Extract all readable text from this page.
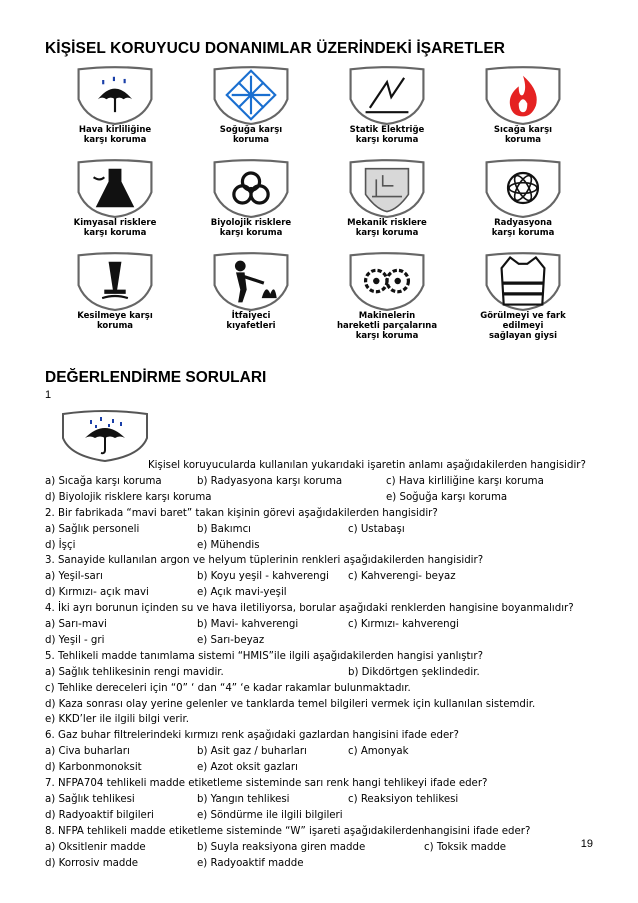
KİŞİSEL KORUYUCU DONANIMLAR ÜZERİNDEKİ İŞARETLER
Hava kirliliğine
karşı koruma
Soğuğa karşı
koruma
Statik Elektriğe
karşı koruma
Sıcağa karşı
koruma
Kimyasal risklere
karşı koruma
Biyolojik risklere
karşı koruma
Mekanik risklere
karşı koruma
Radyasyona
karşı koruma
Kesilmeye karşı
koruma
İtfaiyeci
kıyafetleri
Makinelerin
hareketli parçalarına
karşı koruma
Görülmeyi ve fark
edilmeyi
sağlayan giysi
DEĞERLENDİRME SORULARI
1
Kişisel koruyucularda kullanılan yukarıdaki işaretin anlamı aşağıdakilerden hangisidir?
a) Sıcağa karşı koruma	b) Radyasyona karşı koruma	c) Hava kirliliğine karşı koruma
d) Biyolojik risklere karşı koruma	e) Soğuğa karşı koruma
2. Bir fabrikada “mavi baret” takan kişinin görevi aşağıdakilerden hangisidir?
a) Sağlık personeli	b) Bakımcı	c) Ustabaşı
d) İşçi	e) Mühendis
3. Sanayide kullanılan argon ve helyum tüplerinin renkleri aşağıdakilerden hangisidir?
a) Yeşil-sarı	b) Koyu yeşil - kahverengi c) Kahverengi- beyaz
d) Kırmızı- açık mavi	e) Açık mavi-yeşil
4. İki ayrı borunun içinden su ve hava iletiliyorsa, borular aşağıdaki renklerden hangisine boyanmalıdır?
a) Sarı-mavi	b) Mavi- kahverengi	c) Kırmızı- kahverengi
d) Yeşil - gri	e) Sarı-beyaz
5. Tehlikeli madde tanımlama sistemi “HMIS”ile ilgili aşağıdakilerden hangisi yanlıştır?
a) Sağlık tehlikesinin rengi mavidir.	b) Dikdörtgen şeklindedir.
c) Tehlike dereceleri için “0” ‘ dan “4” ‘e kadar rakamlar bulunmaktadır.
d) Kaza sonrası olay yerine gelenler ve tanklarda temel bilgileri vermek için kullanılan sistemdir.
e) KKD’ler ile ilgili bilgi verir.
6. Gaz buhar filtrelerindeki kırmızı renk aşağıdaki gazlardan hangisini ifade eder?
a) Civa buharları	b) Asit gaz / buharları	c) Amonyak
d) Karbonmonoksit	e) Azot oksit gazları
7. NFPA704 tehlikeli madde etiketleme sisteminde sarı renk hangi tehlikeyi ifade eder?
a) Sağlık tehlikesi	b) Yangın tehlikesi	c) Reaksiyon tehlikesi
d) Radyoaktif bilgileri	e) Söndürme ile ilgili bilgileri
8. NFPA tehlikeli madde etiketleme sisteminde “W” işareti aşağıdakilerden hangisini ifade eder?
a) Oksitlenir madde	b) Suyla reaksiyona giren madde	c) Toksik madde
d) Korrosiv madde	e) Radyoaktif madde
19
